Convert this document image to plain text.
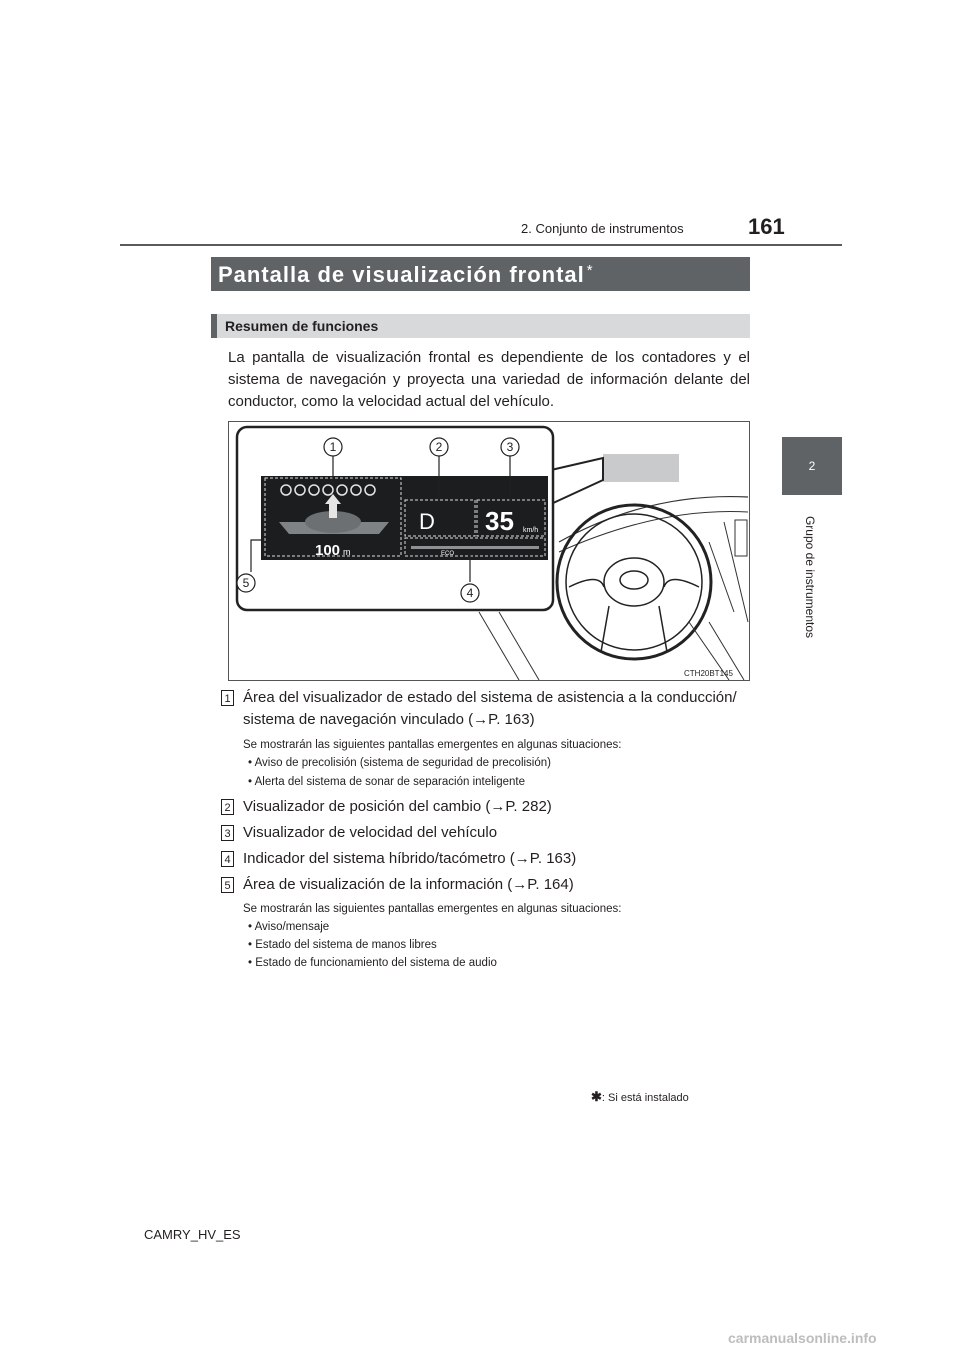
161
2. Conjunto de instrumentos
2
Grupo de instrumentos
Pantalla de visualización frontal *
Resumen de funciones
La pantalla de visualización frontal es dependiente de los contadores y el sistema de navegación y proyecta una variedad de información delante del conductor, como la velocidad actual del vehículo.
D 35 km/h
100 m	ECO
1	2	3
4
5
CTH20BT145
1 Área del visualizador de estado del sistema de asistencia a la conducción/
sistema de navegación vinculado (→P. 163)
Se mostrarán las siguientes pantallas emergentes en algunas situaciones:
• Aviso de precolisión (sistema de seguridad de precolisión)
• Alerta del sistema de sonar de separación inteligente
2 Visualizador de posición del cambio (→P. 282)
3 Visualizador de velocidad del vehículo
4 Indicador del sistema híbrido/tacómetro (→P. 163)
5 Área de visualización de la información (→P. 164)
Se mostrarán las siguientes pantallas emergentes en algunas situaciones:
• Aviso/mensaje
• Estado del sistema de manos libres
• Estado de funcionamiento del sistema de audio
✱: Si está instalado
CAMRY_HV_ES
carmanualsonline.info
